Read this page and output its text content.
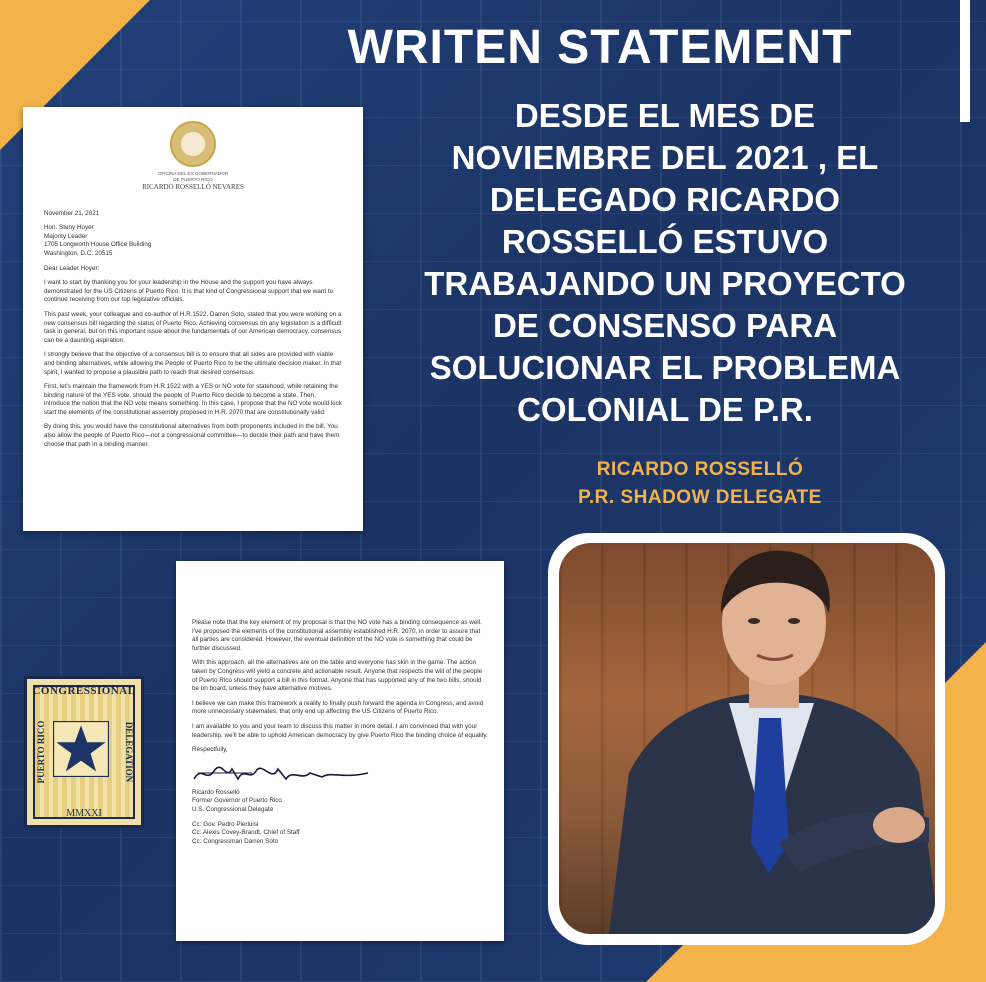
WRITEN STATEMENT
DESDE EL MES DE
NOVIEMBRE DEL 2021 , EL
DELEGADO RICARDO
ROSSELLÓ ESTUVO
TRABAJANDO UN PROYECTO
DE CONSENSO PARA
SOLUCIONAR EL PROBLEMA
COLONIAL DE P.R.
RICARDO ROSSELLÓ
P.R. SHADOW DELEGATE
OFICINA DEL EX GOBERNADOR
DE PUERTO RICO
RICARDO ROSSELLÓ NEVARES

November 21, 2021

Hon. Steny Hoyer

Majority Leader

1705 Longworth House Office Building

Washington, D.C. 20515

Dear Leader Hoyer:

I want to start by thanking you for your leadership in the House and the support you have always demonstrated for the US Citizens of Puerto Rico. It is that kind of Congressional support that we want to continue receiving from our top legislative officials.

This past week, your colleague and co-author of H.R.1522, Darren Soto, stated that you were working on a new consensus bill regarding the status of Puerto Rico. Achieving consensus on any legislation is a difficult task in general, but on this important issue about the fundamentals of our American democracy, consensus can be a daunting aspiration.

I strongly believe that the objective of a consensus bill is to ensure that all sides are provided with viable and binding alternatives, while allowing the People of Puerto Rico to be the ultimate decision maker. In that spirit, I wanted to propose a plausible path to reach that desired consensus.

First, let's maintain the framework from H.R.1522 with a YES or NO vote for statehood, while retaining the binding nature of the YES vote, should the people of Puerto Rico decide to become a state. Then, introduce the notion that the NO vote means something. In this case, I propose that the NO vote would kick start the elements of the constitutional assembly proposed in H.R. 2070 that are constitutionally valid.

By doing this, you would have the constitutional alternatives from both proponents included in the bill. You also allow the people of Puerto Rico—not a congressional committee—to decide their path and have them choose that path in a binding manner.

Please note that the key element of my proposal is that the NO vote has a binding consequence as well. I've proposed the elements of the constitutional assembly established H.R. 2070, in order to assure that all parties are considered. However, the eventual definition of the NO vote is something that could be further discussed.

With this approach, all the alternatives are on the table and everyone has skin in the game. The action taken by Congress will yield a concrete and actionable result. Anyone that respects the will of the people of Puerto Rico should support a bill in this format. Anyone that has supported any of the two bills, should be on board, unless they have alternative motives.

I believe we can make this framework a reality to finally push forward the agenda in Congress, and avoid more unnecessary stalemates, that only end up affecting the US Citizens of Puerto Rico.

I am available to you and your team to discuss this matter in more detail. I am convinced that with your leadership, we'll be able to uphold American democracy by give Puerto Rico the binding choice of equality.

Respectfully,

Ricardo Rosselló

Former Governor of Puerto Rico

U.S. Congressional Delegate

Cc: Gov. Pedro Pierluisi

Cc: Alexis Covey-Brandt, Chief of Staff

Cc: Congressman Darren Soto

CONGRESSIONAL
PUERTO RICO	DELEGATION
MMXXI
